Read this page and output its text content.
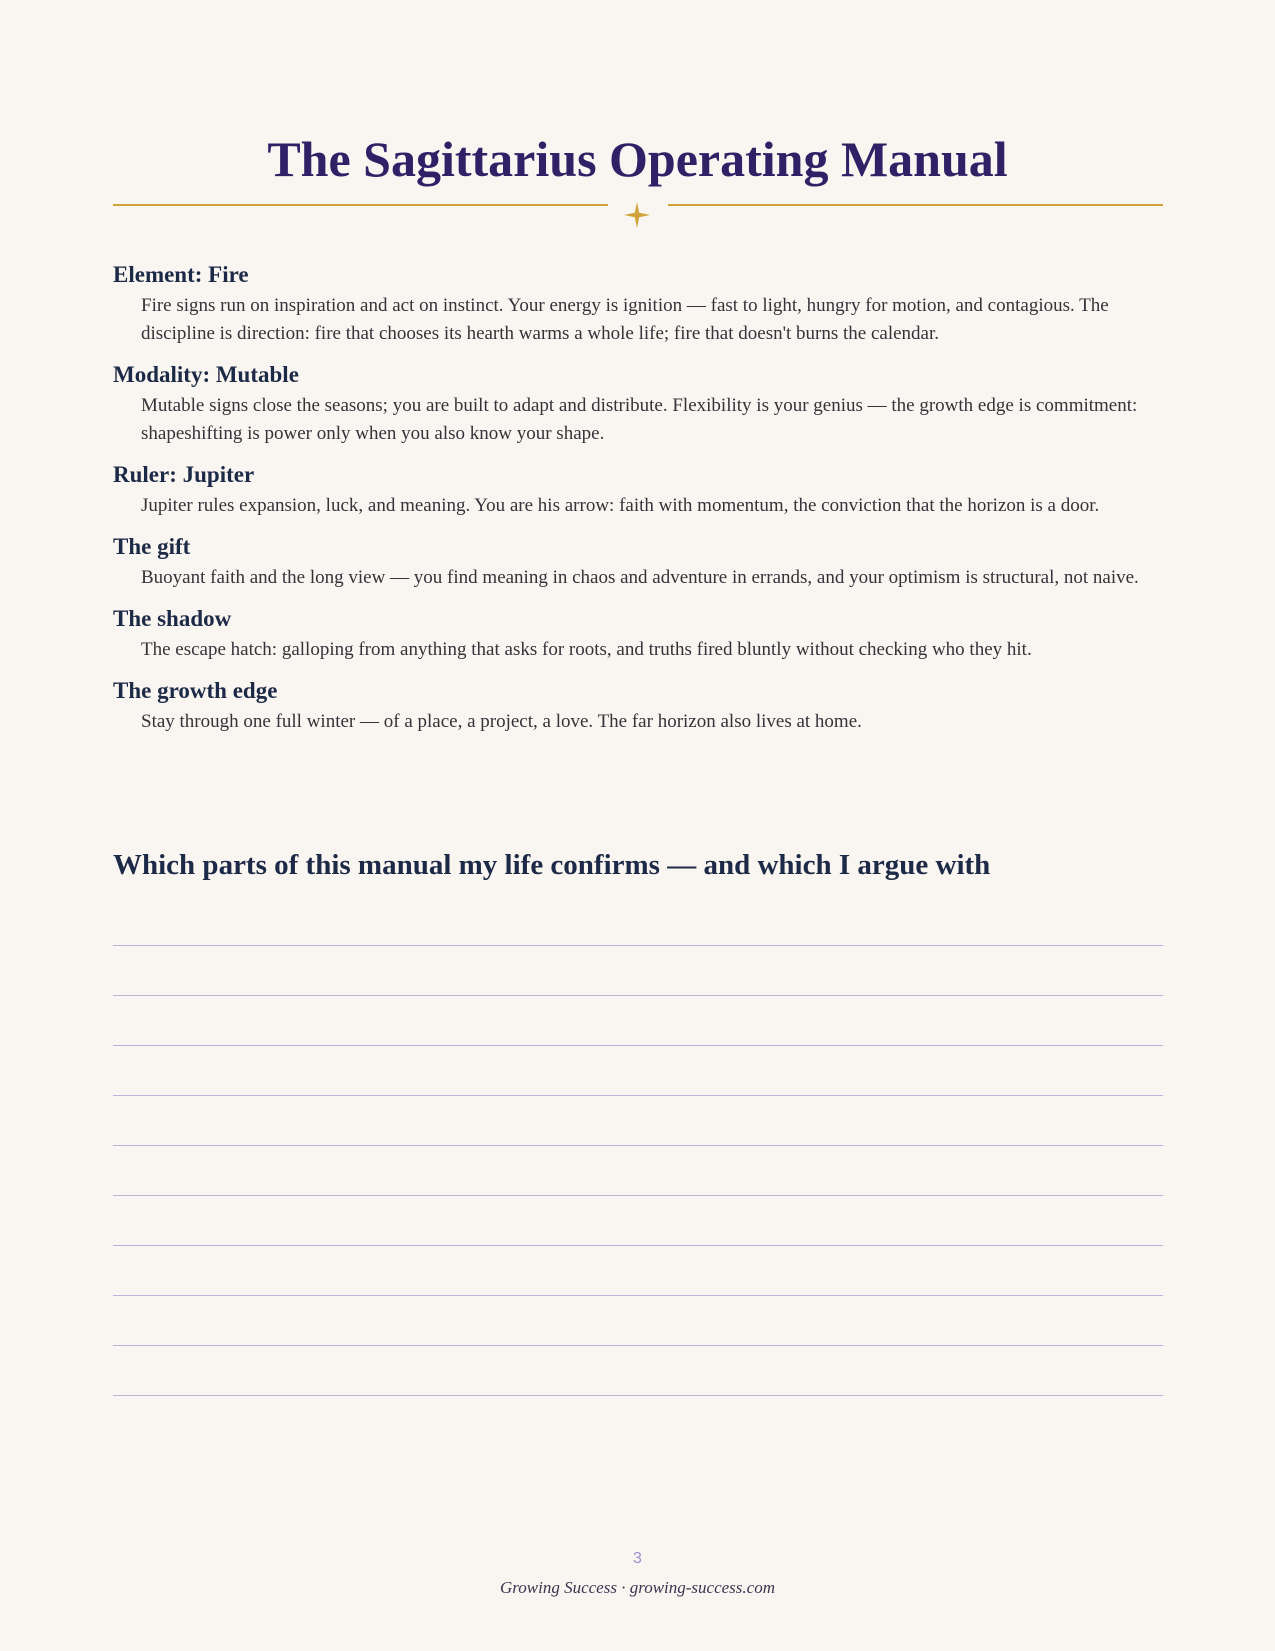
The Sagittarius Operating Manual
Element: Fire

Fire signs run on inspiration and act on instinct. Your energy is ignition — fast to light, hungry for motion, and contagious. The discipline is direction: fire that chooses its hearth warms a whole life; fire that doesn't burns the calendar.

Modality: Mutable

Mutable signs close the seasons; you are built to adapt and distribute. Flexibility is your genius — the growth edge is commitment: shapeshifting is power only when you also know your shape.

Ruler: Jupiter

Jupiter rules expansion, luck, and meaning. You are his arrow: faith with momentum, the conviction that the horizon is a door.

The gift

Buoyant faith and the long view — you find meaning in chaos and adventure in errands, and your optimism is structural, not naive.

The shadow

The escape hatch: galloping from anything that asks for roots, and truths fired bluntly without checking who they hit.

The growth edge

Stay through one full winter — of a place, a project, a love. The far horizon also lives at home.

Which parts of this manual my life confirms — and which I argue with
3
Growing Success · growing-success.com
